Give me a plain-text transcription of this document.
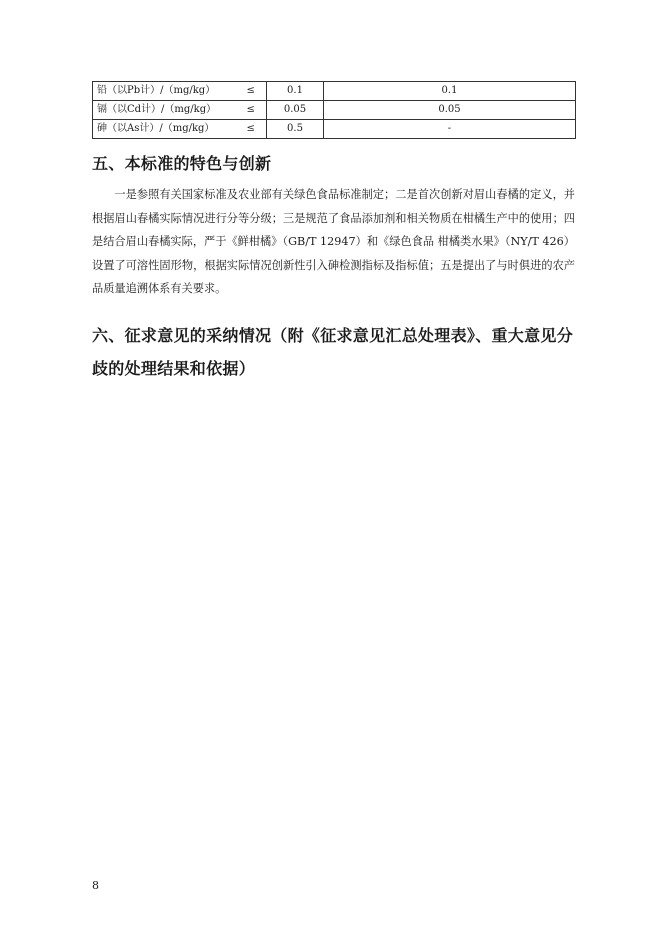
铅（以Pb计）/（mg/kg）	≤	0.1	0.1
镉（以Cd计）/（mg/kg）	≤	0.05	0.05
砷（以As计）/（mg/kg）	≤	0.5	-
五、本标准的特色与创新

一是参照有关国家标准及农业部有关绿色食品标准制定；二是首次创新对眉山春橘的定义，并根据眉山春橘实际情况进行分等分级；三是规范了食品添加剂和相关物质在柑橘生产中的使用；四是结合眉山春橘实际，严于《鲜柑橘》（GB/T 12947）和《绿色食品 柑橘类水果》（NY/T 426）设置了可溶性固形物，根据实际情况创新性引入砷检测指标及指标值；五是提出了与时俱进的农产品质量追溯体系有关要求。

六、征求意见的采纳情况（附《征求意见汇总处理表》、重大意见分
歧的处理结果和依据）
8
